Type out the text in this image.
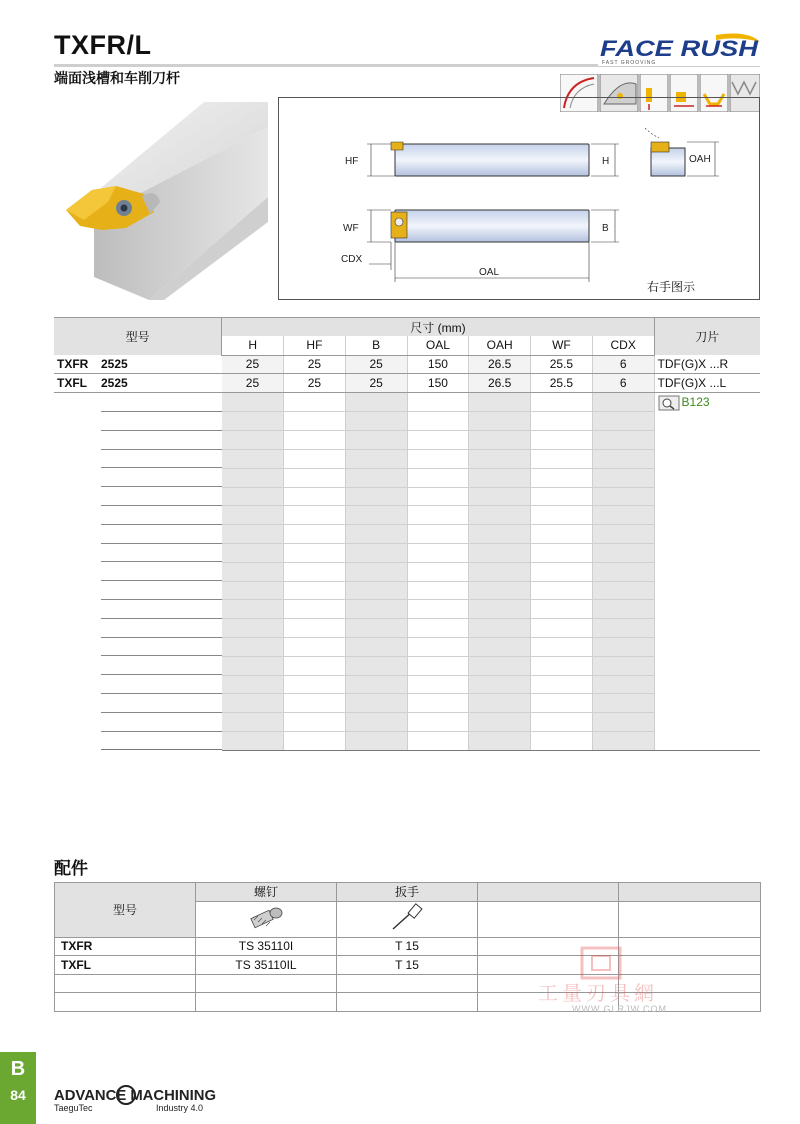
TXFR/L
端面浅槽和车削刀杆
FACE RUSH
FAST GROOVING
HF	H	OAH
WF	B
CDX
OAL
右手图示
型号	尺寸 (mm)							刀片
	H	HF	B	OAL	OAH	WF	CDX	
TXFR 2525	25	25	25	150	26.5	25.5	6	TDF(G)X ...R
TXFL 2525	25	25	25	150	26.5	25.5	6	TDF(G)X ...L

								B123

配件
型号	螺钉	扳手		

TXFR	TS 35110I	T 15		
TXFL	TS 35110IL	T 15		

工量刃具網
WWW.GLRJW.COM
B
84	ADVANCE MACHINING
TaeguTec	Industry 4.0
